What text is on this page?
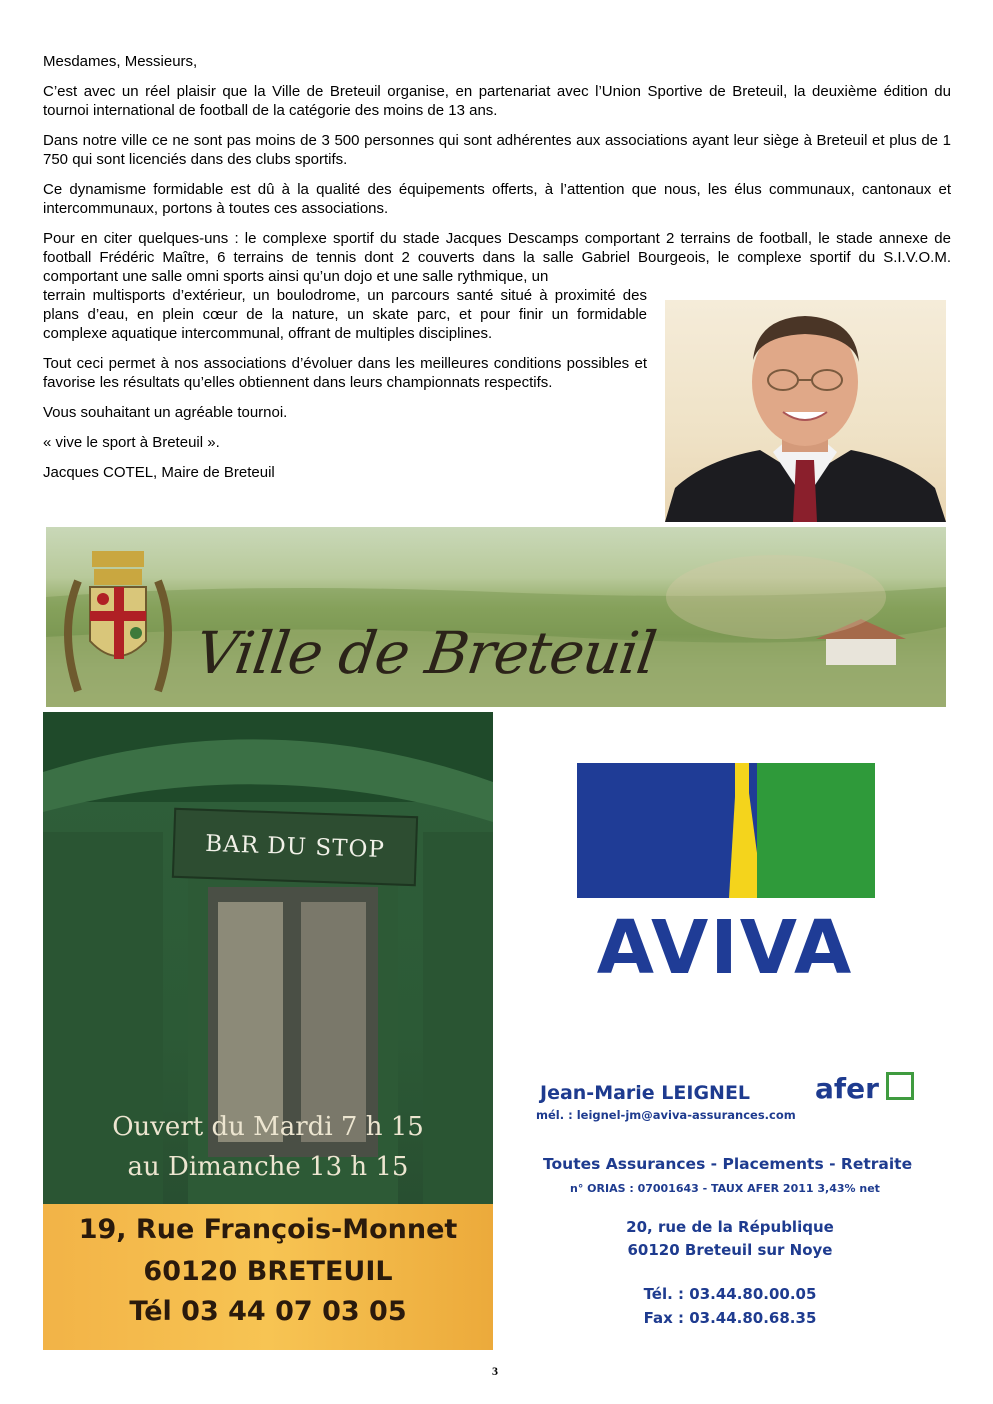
Mesdames, Messieurs,

C’est avec un réel plaisir que la Ville de Breteuil organise, en partenariat avec l’Union Sportive de Breteuil, la deuxième édition du tournoi international de football de la catégorie des moins de 13 ans.

Dans notre ville ce ne sont pas moins de 3 500 personnes qui sont adhérentes aux associations ayant leur siège à Breteuil et plus de 1 750 qui sont licenciés dans des clubs sportifs.

Ce dynamisme formidable est dû à la qualité des équipements offerts, à l’attention que nous, les élus communaux, cantonaux et intercommunaux, portons à toutes ces associations.

Pour en citer quelques-uns : le complexe sportif du stade Jacques Descamps comportant 2 terrains de football, le stade annexe de football Frédéric Maître, 6 terrains de tennis dont 2 couverts dans la salle Gabriel Bourgeois, le complexe sportif du S.I.V.O.M. comportant une salle omni sports ainsi qu’un dojo et une salle rythmique, un

terrain multisports d’extérieur, un boulodrome, un parcours santé situé à proximité des plans d’eau, en plein cœur de la nature, un skate parc, et pour finir un formidable complexe aquatique intercommunal, offrant de multiples disciplines.

Tout ceci permet à nos associations d’évoluer dans les meilleures conditions possibles et favorise les résultats qu’elles obtiennent dans leurs championnats respectifs.

Vous souhaitant un agréable tournoi.

« vive le sport à Breteuil ».

Jacques COTEL, Maire de Breteuil

Ville de Breteuil
BAR DU STOP
Ouvert du Mardi 7 h 15
au Dimanche 13 h 15
19, Rue François-Monnet
60120 BRETEUIL
Tél 03 44 07 03 05
AVIVA
Jean-Marie LEIGNEL afer
mél. : leignel-jm@aviva-assurances.com
Toutes Assurances - Placements - Retraite
n° ORIAS : 07001643 - TAUX AFER 2011 3,43% net
20, rue de la République
60120 Breteuil sur Noye
Tél. : 03.44.80.00.05
Fax : 03.44.80.68.35
3
